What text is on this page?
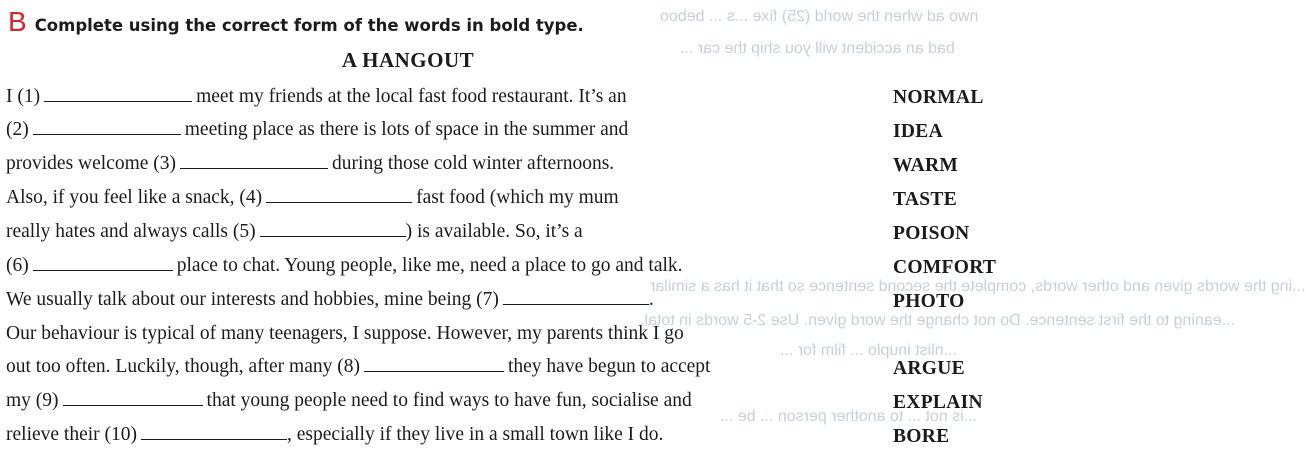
nwo ad when the world (25) fixe ...s ... beboo
bad an accident will you ship the car ...
...ing the words given and other words, complete the second sentence so that it has a similar
...eaning to the first sentence. Do not change the word given. Use 2-5 words in total.
...nlist inuplo ... film for ...
...is not ... to another person ... be ...
B Complete using the correct form of the words in bold type.
A HANGOUT
I (1)	meet my friends at the local fast food restaurant. It’s an
(2)	meeting place as there is lots of space in the summer and
provides welcome (3)	during those cold winter afternoons.
Also, if you feel like a snack, (4)	fast food (which my mum
really hates and always calls (5)	) is available. So, it’s a
(6)	place to chat. Young people, like me, need a place to go and talk.
We usually talk about our interests and hobbies, mine being (7)	.
Our behaviour is typical of many teenagers, I suppose. However, my parents think I go
out too often. Luckily, though, after many (8)	they have begun to accept
my (9)	that young people need to find ways to have fun, socialise and
relieve their (10)	, especially if they live in a small town like I do.
NORMAL
IDEA
WARM
TASTE
POISON
COMFORT
PHOTO
ARGUE
EXPLAIN
BORE
